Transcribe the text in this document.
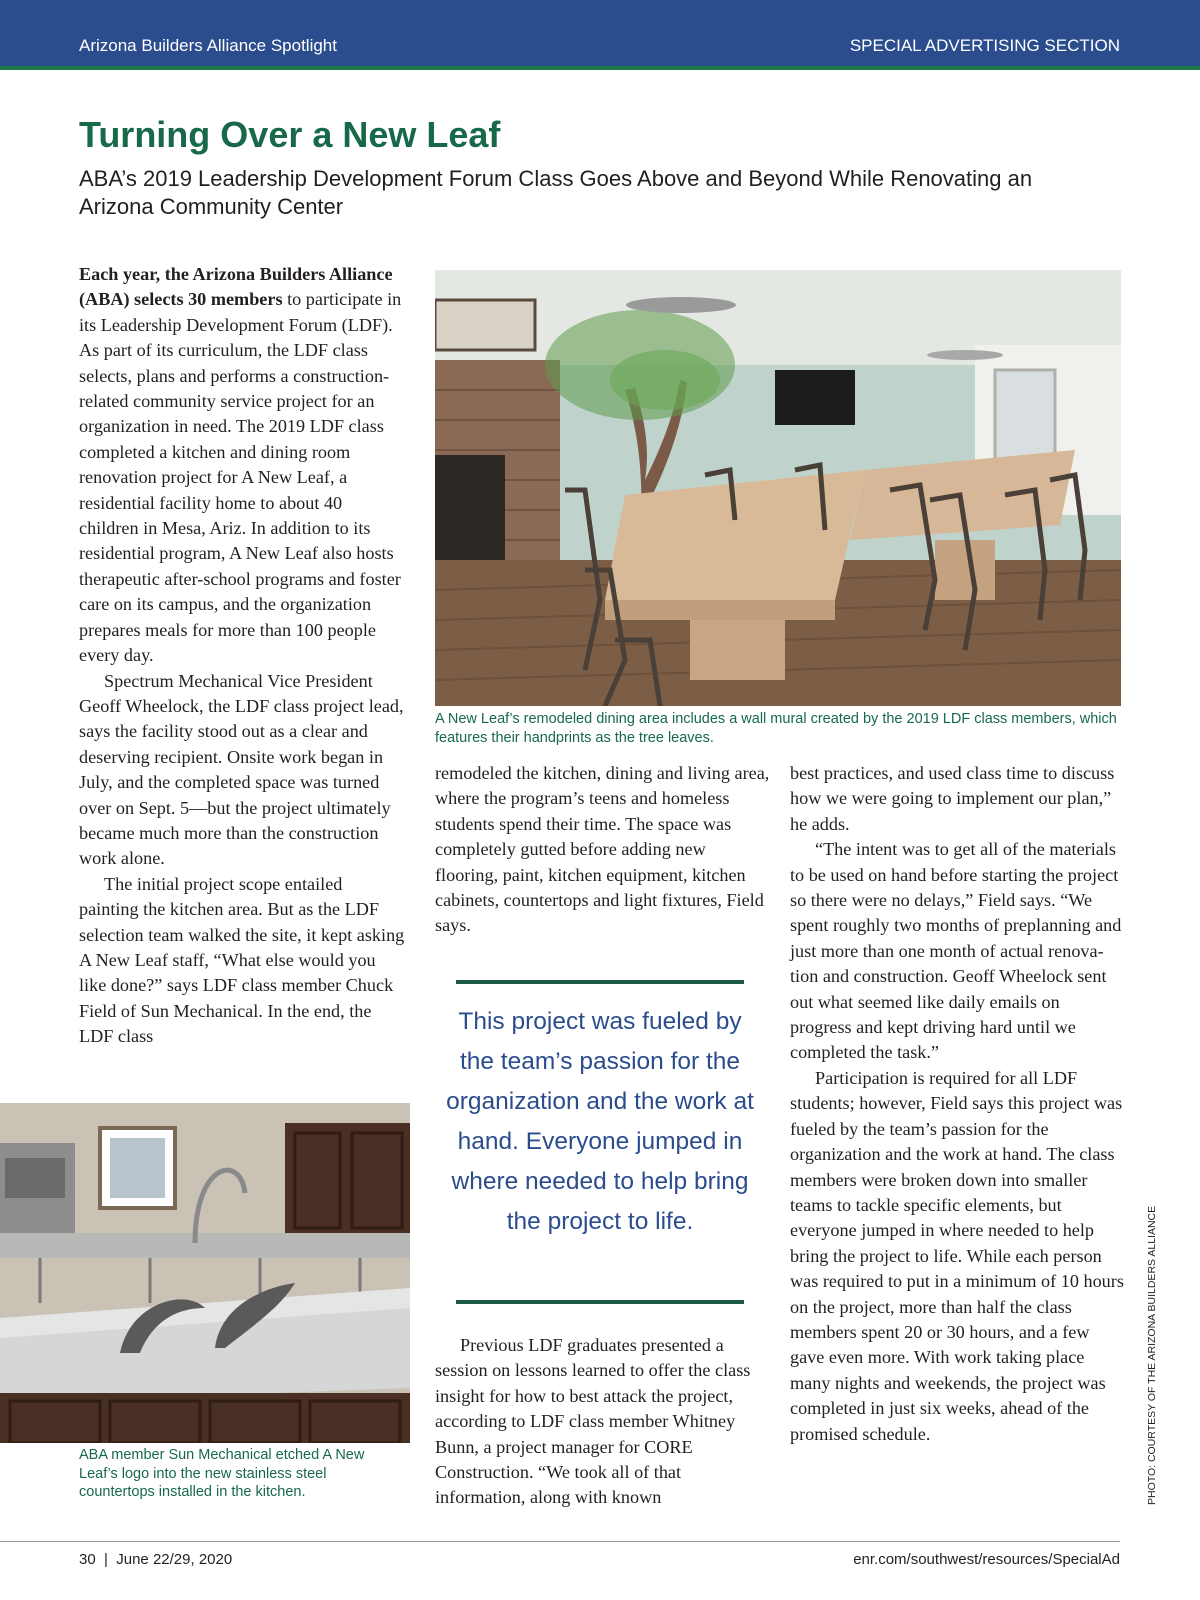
Arizona Builders Alliance Spotlight	SPECIAL ADVERTISING SECTION
Turning Over a New Leaf
ABA’s 2019 Leadership Development Forum Class Goes Above and Beyond While Renovating an Arizona Community Center

Each year, the Arizona Builders Alliance (ABA) selects 30 members to participate in its Leadership Development Forum (LDF). As part of its curriculum, the LDF class selects, plans and performs a construction-related community service project for an organization in need. The 2019 LDF class completed a kitchen and dining room renovation project for A New Leaf, a residential facility home to about 40 children in Mesa, Ariz. In addition to its residential program, A New Leaf also hosts therapeutic after-school programs and foster care on its campus, and the organization prepares meals for more than 100 people every day.

Spectrum Mechanical Vice President Geoff Wheelock, the LDF class project lead, says the facility stood out as a clear and deserving recipient. Onsite work began in July, and the completed space was turned over on Sept. 5—but the project ultimately became much more than the construction work alone.

The initial project scope entailed painting the kitchen area. But as the LDF selection team walked the site, it kept asking A New Leaf staff, “What else would you like done?” says LDF class member Chuck Field of Sun Mechanical. In the end, the LDF class

A New Leaf’s remodeled dining area includes a wall mural created by the 2019 LDF class members, which features their handprints as the tree leaves.

remodeled the kitchen, dining and living area, where the program’s teens and homeless students spend their time. The space was completely gutted before adding new flooring, paint, kitchen equipment, kitchen cabinets, countertops and light fixtures, Field says.

This project was fueled by the team’s passion for the organization and the work at hand. Everyone jumped in where needed to help bring the project to life.

Previous LDF graduates presented a session on lessons learned to offer the class insight for how to best attack the project, according to LDF class member Whitney Bunn, a project manager for CORE Construction. “We took all of that information, along with known

best practices, and used class time to discuss how we were going to implement our plan,” he adds.

“The intent was to get all of the materials to be used on hand before starting the project so there were no delays,” Field says. “We spent roughly two months of preplanning and just more than one month of actual renovation and construction. Geoff Wheelock sent out what seemed like daily emails on progress and kept driving hard until we completed the task.”

Participation is required for all LDF students; however, Field says this project was fueled by the team’s passion for the organization and the work at hand. The class members were broken down into smaller teams to tackle specific elements, but everyone jumped in where needed to help bring the project to life. While each person was required to put in a minimum of 10 hours on the project, more than half the class members spent 20 or 30 hours, and a few gave even more. With work taking place many nights and weekends, the project was completed in just six weeks, ahead of the promised schedule.

ABA member Sun Mechanical etched A New Leaf’s logo into the new stainless steel countertops installed in the kitchen.	PHOTO: COURTESY OF THE ARIZONA BUILDERS ALLIANCE
30  |  June 22/29, 2020	enr.com/southwest/resources/SpecialAd
